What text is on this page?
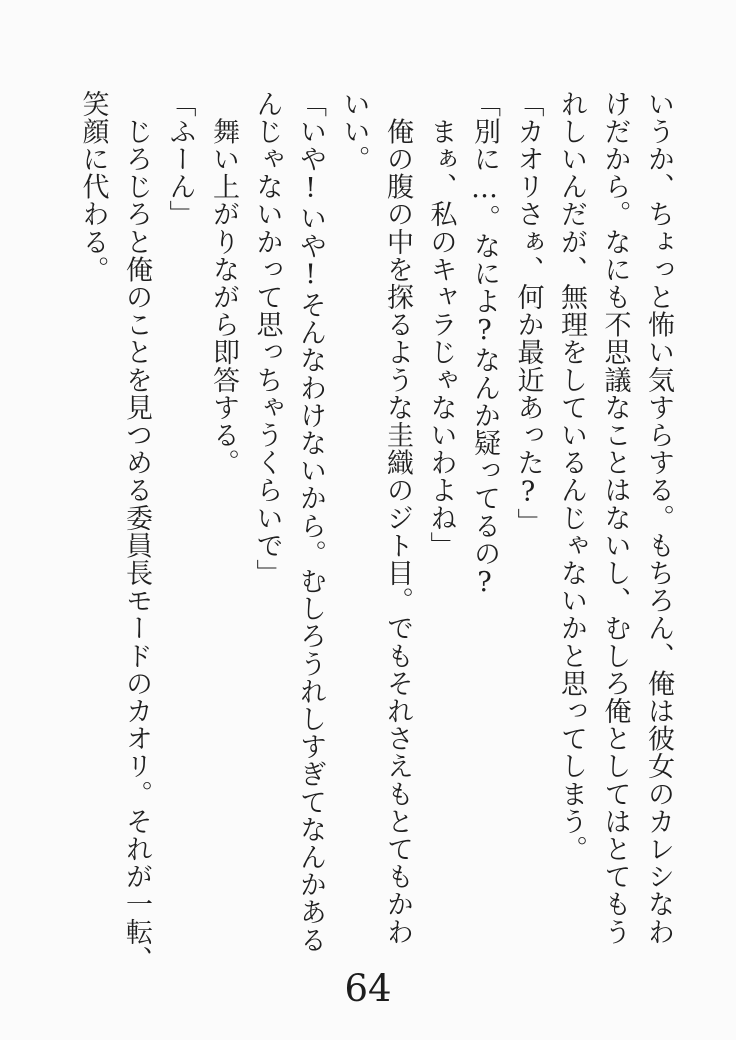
いうか、ちょっと怖い気すらする。もちろん、俺は彼女のカレシなわ

けだから。なにも不思議なことはないし、むしろ俺としてはとてもう

れしいんだが、無理をしているんじゃないかと思ってしまう。

「カオリさぁ、何か最近あった?」

「別に…。なによ?なんか疑ってるの?

　まぁ、私のキャラじゃないわよね」

　俺の腹の中を探るような圭織のジト目。でもそれさえもとてもかわ

いい。

「いや!いや!そんなわけないから。むしろうれしすぎてなんかある

んじゃないかって思っちゃうくらいで」

　舞い上がりながら即答する。

「ふーん」

　じろじろと俺のことを見つめる委員長モードのカオリ。それが一転、

笑顔に代わる。

64
